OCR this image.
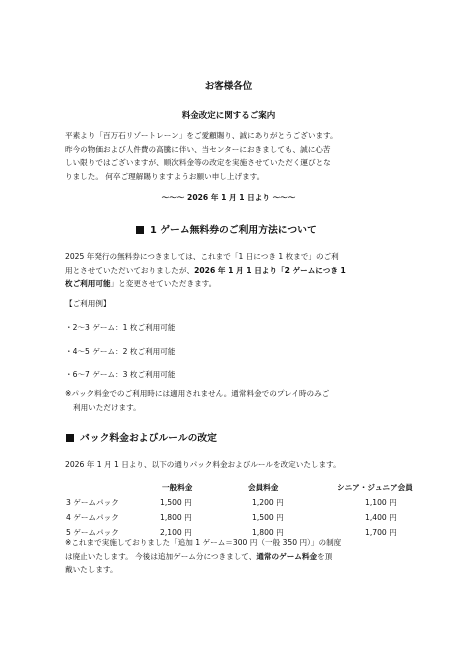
お客様各位
料金改定に関するご案内
平素より「百万石リゾートレーン」をご愛顧賜り、誠にありがとうございます。
昨今の物価および人件費の高騰に伴い、当センターにおきましても、誠に心苦
しい限りではございますが、順次料金等の改定を実施させていただく運びとな
りました。 何卒ご理解賜りますようお願い申し上げます。
～～～ 2026 年 1 月 1 日より ～～～
1 ゲーム無料券のご利用方法について
2025 年発行の無料券につきましては、これまで「1 日につき 1 枚まで」のご利
用とさせていただいておりましたが、2026 年 1 月 1 日より「2 ゲームにつき 1
枚ご利用可能」と変更させていただきます。
【ご利用例】
・2～3 ゲーム：1 枚ご利用可能
・4～5 ゲーム：2 枚ご利用可能
・6～7 ゲーム：3 枚ご利用可能
※パック料金でのご利用時には適用されません。通常料金でのプレイ時のみご
利用いただけます。
パック料金およびルールの改定
2026 年 1 月 1 日より、以下の通りパック料金およびルールを改定いたします。
	一般料金	会員料金	シニア・ジュニア会員
3 ゲームパック	1,500 円	1,200 円	1,100 円
4 ゲームパック	1,800 円	1,500 円	1,400 円
5 ゲームパック	2,100 円	1,800 円	1,700 円
※これまで実施しておりました「追加 1 ゲーム＝300 円（一般 350 円）」の制度
は廃止いたします。 今後は追加ゲーム分につきまして、通常のゲーム料金を頂
戴いたします。
